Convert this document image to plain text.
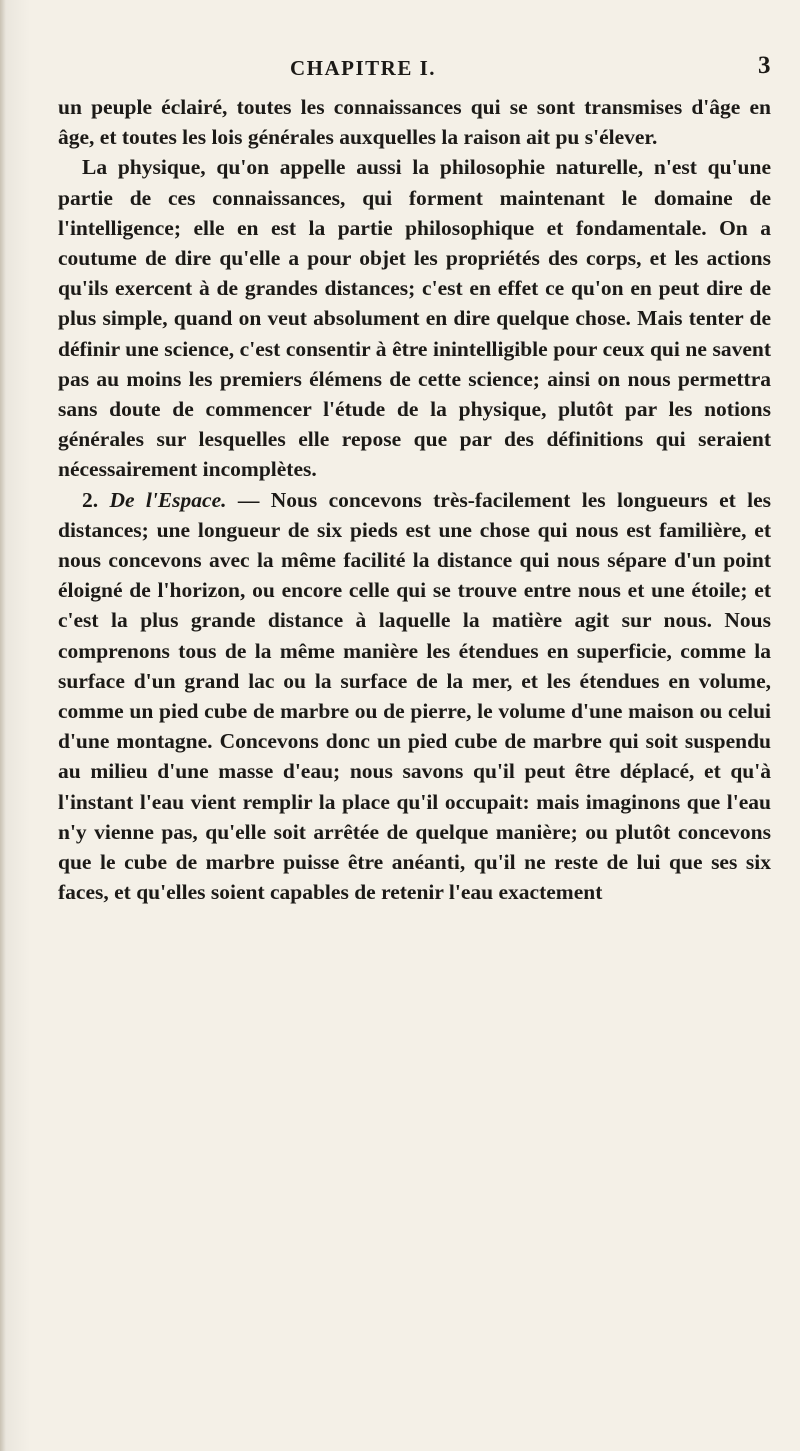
CHAPITRE I.	3

un peuple éclairé, toutes les connaissances qui se sont transmises d'âge en âge, et toutes les lois générales auxquelles la raison ait pu s'élever.

La physique, qu'on appelle aussi la philosophie naturelle, n'est qu'une partie de ces connaissances, qui forment maintenant le domaine de l'intelligence; elle en est la partie philosophique et fondamentale. On a coutume de dire qu'elle a pour objet les propriétés des corps, et les actions qu'ils exercent à de grandes distances; c'est en effet ce qu'on en peut dire de plus simple, quand on veut absolument en dire quelque chose. Mais tenter de définir une science, c'est consentir à être inintelligible pour ceux qui ne savent pas au moins les premiers élémens de cette science; ainsi on nous permettra sans doute de commencer l'étude de la physique, plutôt par les notions générales sur lesquelles elle repose que par des définitions qui seraient nécessairement incomplètes.

2. De l'Espace. — Nous concevons très-facilement les longueurs et les distances; une longueur de six pieds est une chose qui nous est familière, et nous concevons avec la même facilité la distance qui nous sépare d'un point éloigné de l'horizon, ou encore celle qui se trouve entre nous et une étoile; et c'est la plus grande distance à laquelle la matière agit sur nous. Nous comprenons tous de la même manière les étendues en superficie, comme la surface d'un grand lac ou la surface de la mer, et les étendues en volume, comme un pied cube de marbre ou de pierre, le volume d'une maison ou celui d'une montagne. Concevons donc un pied cube de marbre qui soit suspendu au milieu d'une masse d'eau; nous savons qu'il peut être déplacé, et qu'à l'instant l'eau vient remplir la place qu'il occupait: mais imaginons que l'eau n'y vienne pas, qu'elle soit arrêtée de quelque manière; ou plutôt concevons que le cube de marbre puisse être anéanti, qu'il ne reste de lui que ses six faces, et qu'elles soient capables de retenir l'eau exactement
